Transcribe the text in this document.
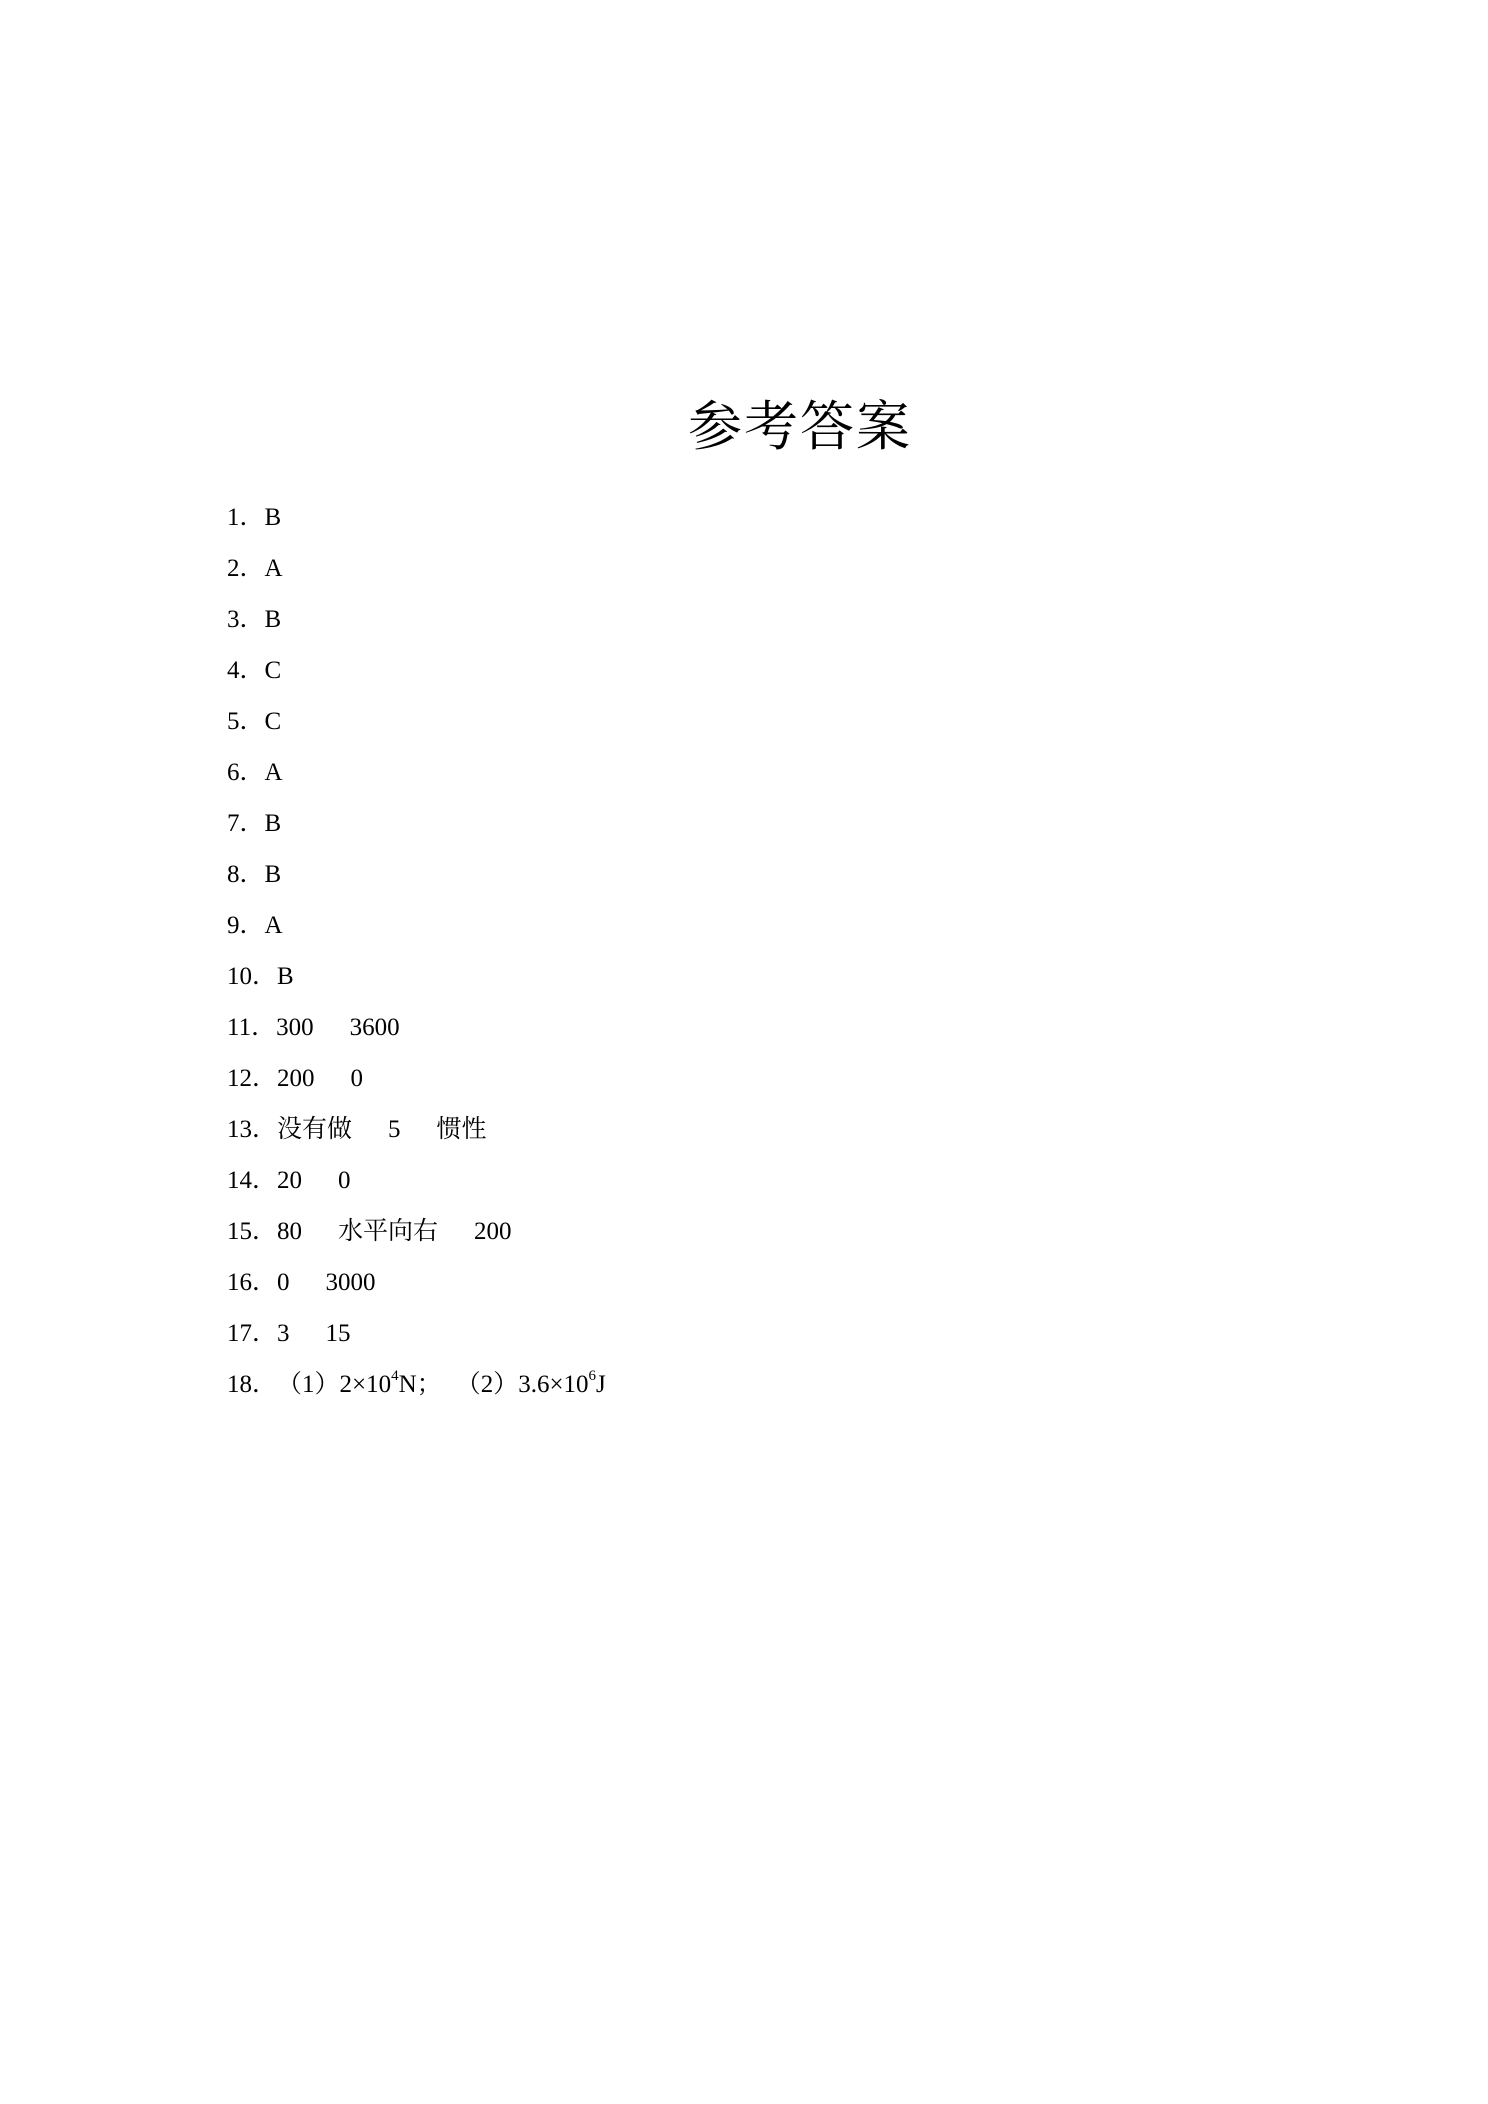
参考答案
1．B
2．A
3．B
4．C
5．C
6．A
7．B
8．B
9．A
10．B
11．300 3600
12．200 0
13．没有做 5 惯性
14．20 0
15．80 水平向右 200
16．0 3000
17．3 15
18．$(1)2\times 10^4N$； $(2)3.6\times 10^6J$
